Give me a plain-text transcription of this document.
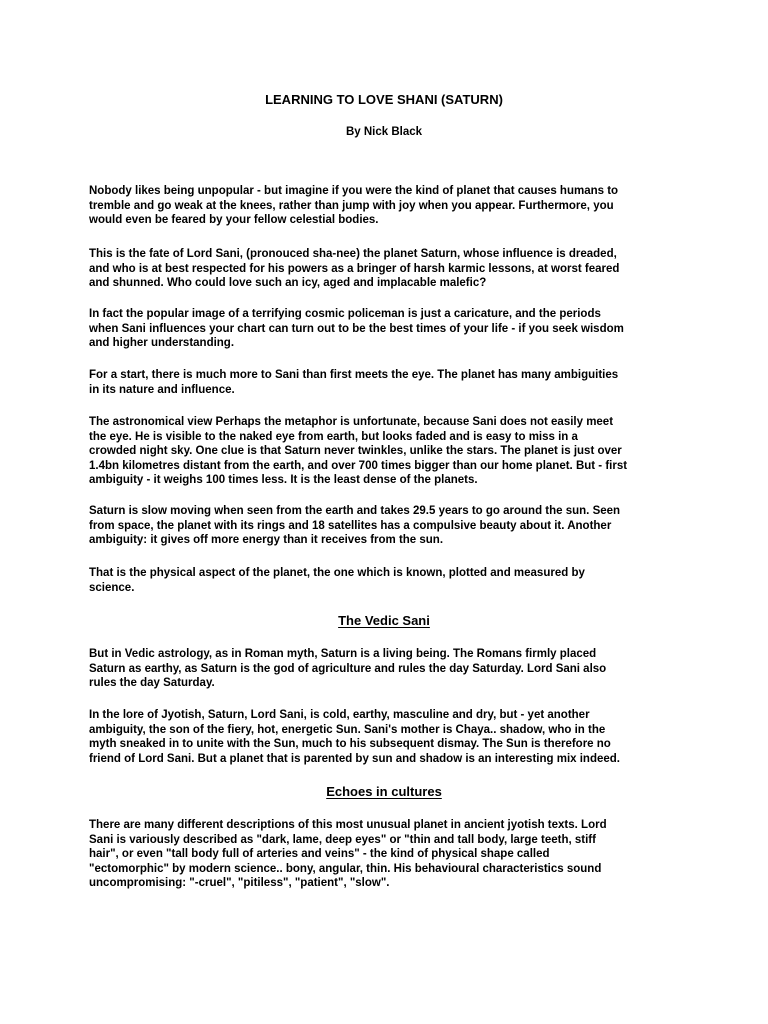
LEARNING TO LOVE SHANI (SATURN)

By Nick Black

Nobody likes being unpopular - but imagine if you were the kind of planet that causes humans to
tremble and go weak at the knees, rather than jump with joy when you appear. Furthermore, you
would even be feared by your fellow celestial bodies.

This is the fate of Lord Sani, (pronouced sha-nee) the planet Saturn, whose influence is dreaded,
and who is at best respected for his powers as a bringer of harsh karmic lessons, at worst feared
and shunned. Who could love such an icy, aged and implacable malefic?

In fact the popular image of a terrifying cosmic policeman is just a caricature, and the periods
when Sani influences your chart can turn out to be the best times of your life - if you seek wisdom
and higher understanding.

For a start, there is much more to Sani than first meets the eye. The planet has many ambiguities
in its nature and influence.

The astronomical view Perhaps the metaphor is unfortunate, because Sani does not easily meet
the eye. He is visible to the naked eye from earth, but looks faded and is easy to miss in a
crowded night sky. One clue is that Saturn never twinkles, unlike the stars. The planet is just over
1.4bn kilometres distant from the earth, and over 700 times bigger than our home planet. But - first
ambiguity - it weighs 100 times less. It is the least dense of the planets.

Saturn is slow moving when seen from the earth and takes 29.5 years to go around the sun. Seen
from space, the planet with its rings and 18 satellites has a compulsive beauty about it. Another
ambiguity: it gives off more energy than it receives from the sun.

That is the physical aspect of the planet, the one which is known, plotted and measured by
science.

The Vedic Sani

But in Vedic astrology, as in Roman myth, Saturn is a living being. The Romans firmly placed
Saturn as earthy, as Saturn is the god of agriculture and rules the day Saturday. Lord Sani also
rules the day Saturday.

In the lore of Jyotish, Saturn, Lord Sani, is cold, earthy, masculine and dry, but - yet another
ambiguity, the son of the fiery, hot, energetic Sun. Sani's mother is Chaya.. shadow, who in the
myth sneaked in to unite with the Sun, much to his subsequent dismay. The Sun is therefore no
friend of Lord Sani. But a planet that is parented by sun and shadow is an interesting mix indeed.

Echoes in cultures

There are many different descriptions of this most unusual planet in ancient jyotish texts. Lord
Sani is variously described as "dark, lame, deep eyes" or "thin and tall body, large teeth, stiff
hair", or even "tall body full of arteries and veins" - the kind of physical shape called
"ectomorphic" by modern science.. bony, angular, thin. His behavioural characteristics sound
uncompromising: "-cruel", "pitiless", "patient", "slow".
